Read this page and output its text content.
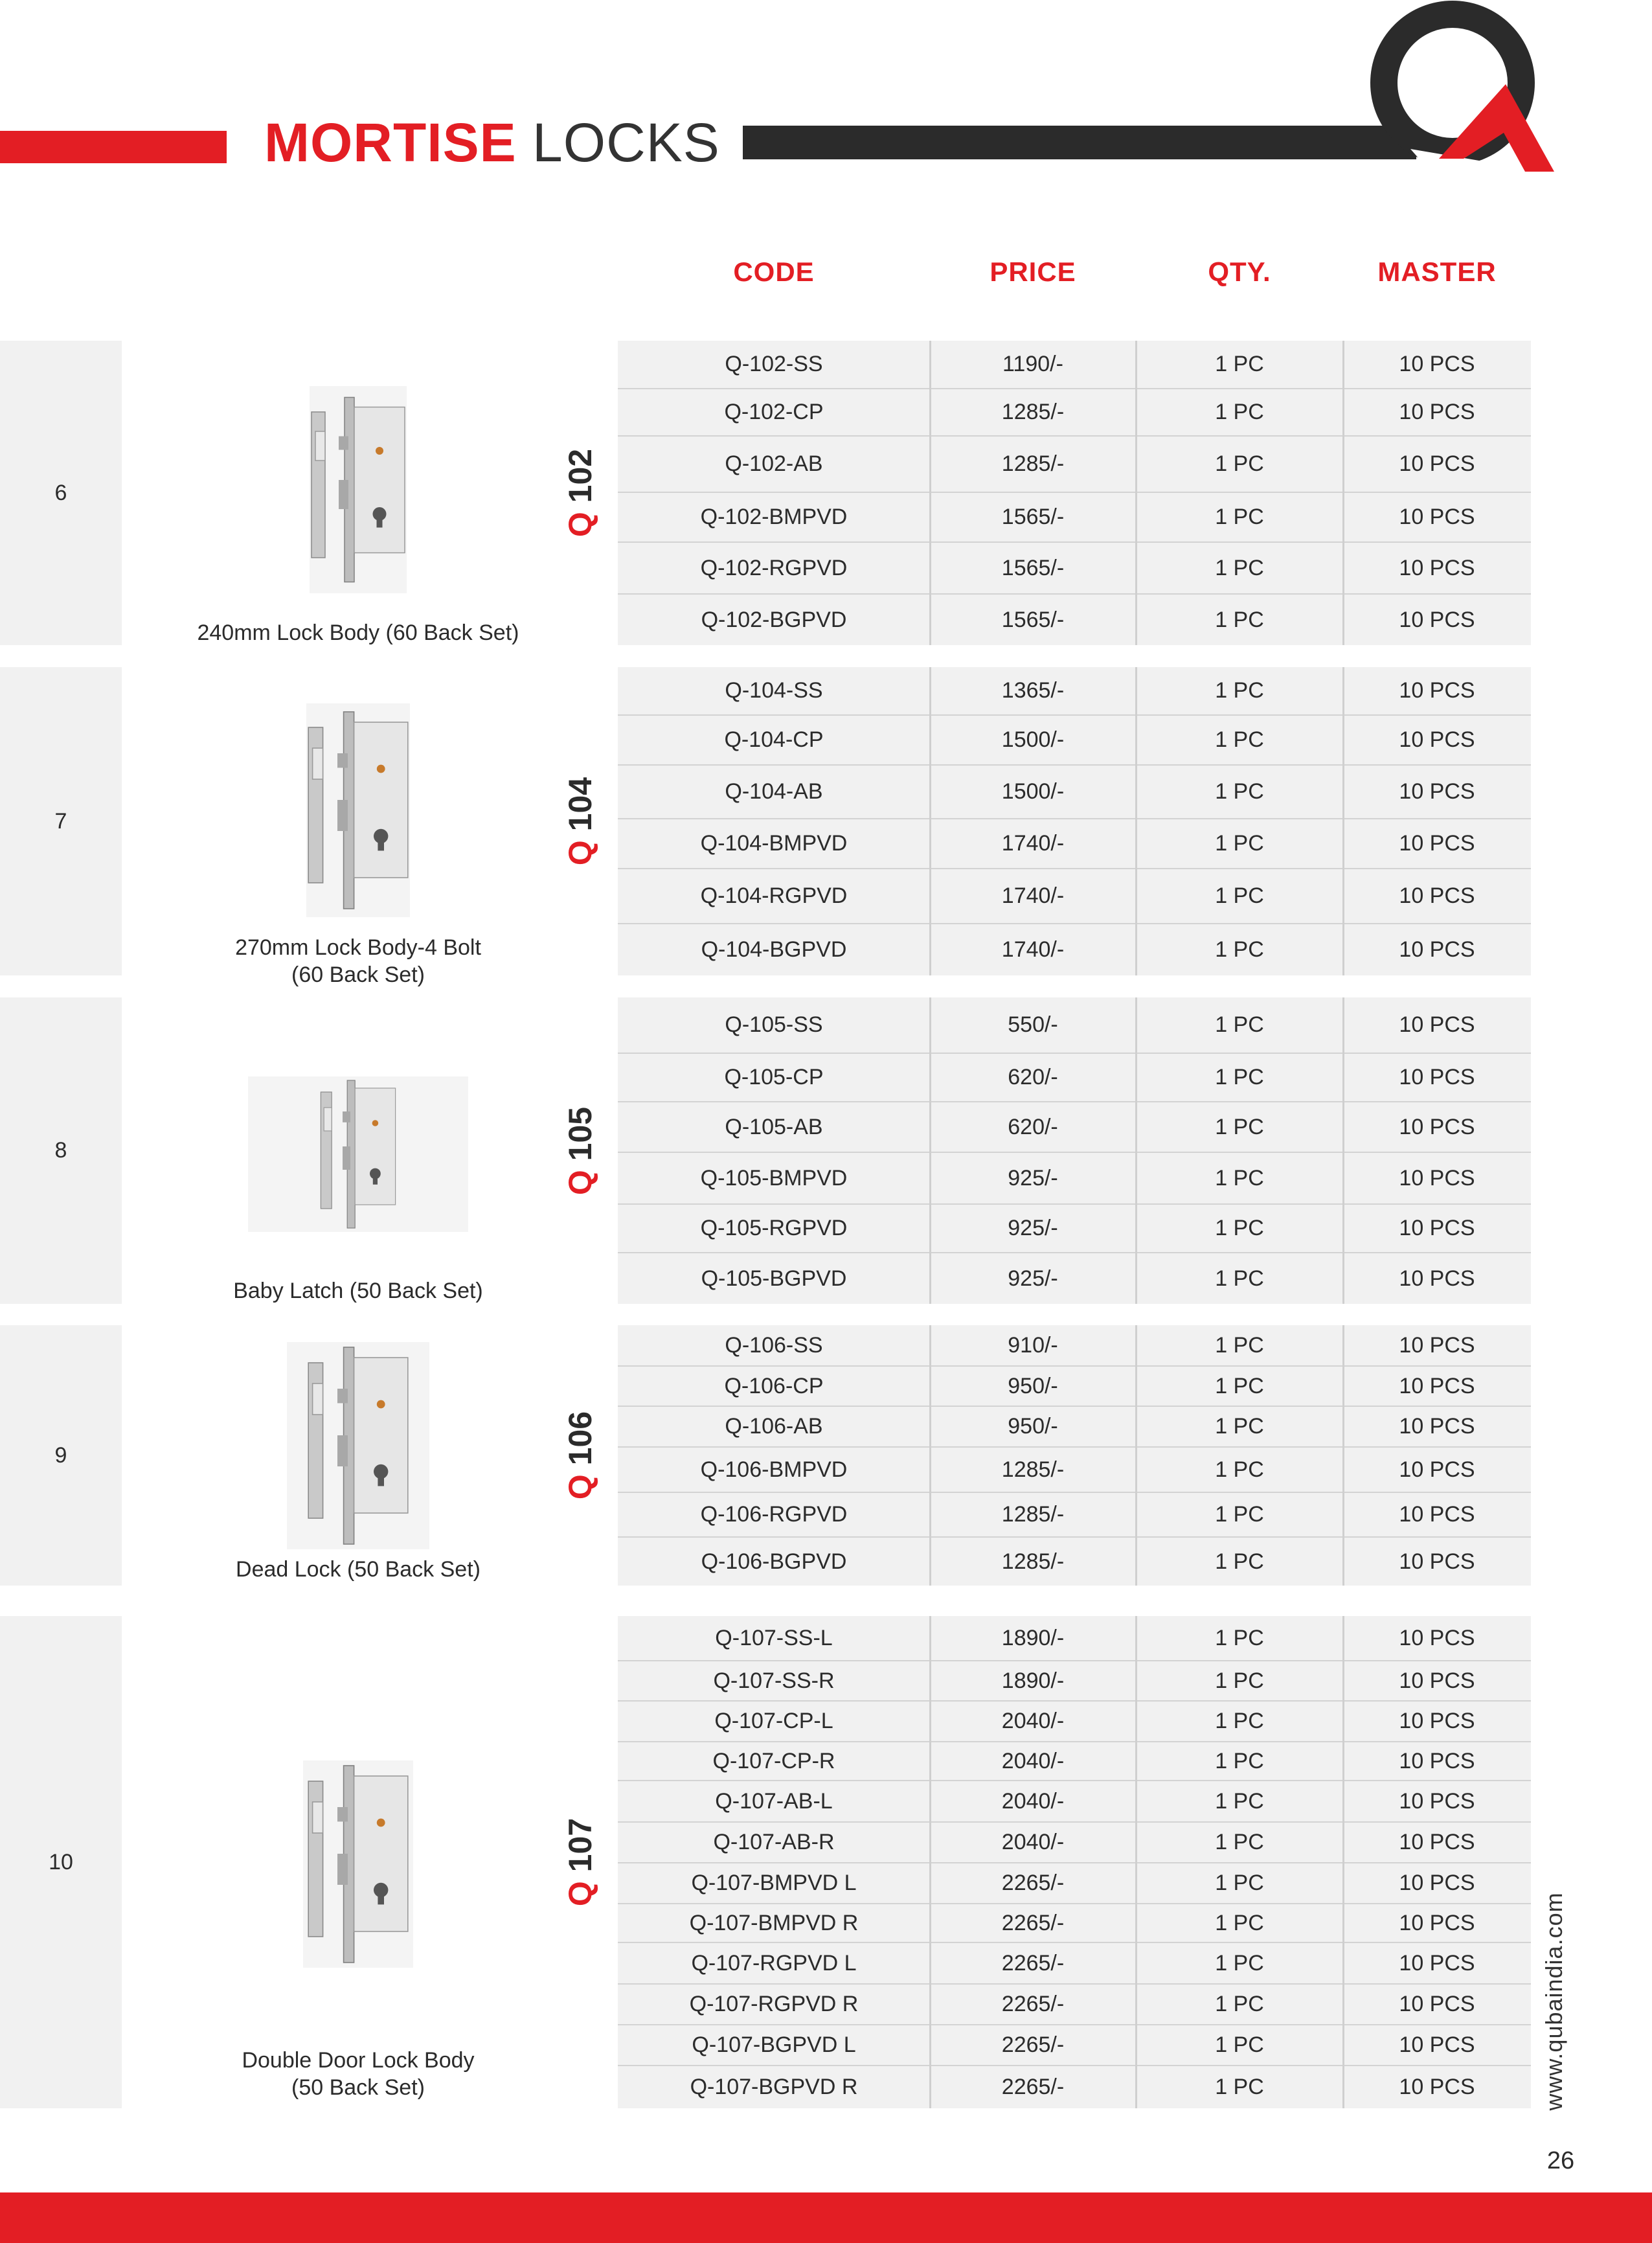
MORTISE LOCKS
CODE	PRICE	QTY.	MASTER
6
240mm Lock Body (60 Back Set)
Q 102
Q-102-SS	1190/-	1 PC	10 PCS
Q-102-CP	1285/-	1 PC	10 PCS
Q-102-AB	1285/-	1 PC	10 PCS
Q-102-BMPVD	1565/-	1 PC	10 PCS
Q-102-RGPVD	1565/-	1 PC	10 PCS
Q-102-BGPVD	1565/-	1 PC	10 PCS
7
270mm Lock Body-4 Bolt
(60 Back Set)
Q 104
Q-104-SS	1365/-	1 PC	10 PCS
Q-104-CP	1500/-	1 PC	10 PCS
Q-104-AB	1500/-	1 PC	10 PCS
Q-104-BMPVD	1740/-	1 PC	10 PCS
Q-104-RGPVD	1740/-	1 PC	10 PCS
Q-104-BGPVD	1740/-	1 PC	10 PCS
8
Baby Latch (50 Back Set)
Q 105
Q-105-SS	550/-	1 PC	10 PCS
Q-105-CP	620/-	1 PC	10 PCS
Q-105-AB	620/-	1 PC	10 PCS
Q-105-BMPVD	925/-	1 PC	10 PCS
Q-105-RGPVD	925/-	1 PC	10 PCS
Q-105-BGPVD	925/-	1 PC	10 PCS
9
Dead Lock (50 Back Set)
Q 106
Q-106-SS	910/-	1 PC	10 PCS
Q-106-CP	950/-	1 PC	10 PCS
Q-106-AB	950/-	1 PC	10 PCS
Q-106-BMPVD	1285/-	1 PC	10 PCS
Q-106-RGPVD	1285/-	1 PC	10 PCS
Q-106-BGPVD	1285/-	1 PC	10 PCS
10
Double Door Lock Body
(50 Back Set)
Q 107
Q-107-SS-L	1890/-	1 PC	10 PCS
Q-107-SS-R	1890/-	1 PC	10 PCS
Q-107-CP-L	2040/-	1 PC	10 PCS
Q-107-CP-R	2040/-	1 PC	10 PCS
Q-107-AB-L	2040/-	1 PC	10 PCS
Q-107-AB-R	2040/-	1 PC	10 PCS
Q-107-BMPVD L	2265/-	1 PC	10 PCS
Q-107-BMPVD R	2265/-	1 PC	10 PCS
Q-107-RGPVD L	2265/-	1 PC	10 PCS
Q-107-RGPVD R	2265/-	1 PC	10 PCS
Q-107-BGPVD L	2265/-	1 PC	10 PCS
Q-107-BGPVD R	2265/-	1 PC	10 PCS	www.qubaindia.com
26
